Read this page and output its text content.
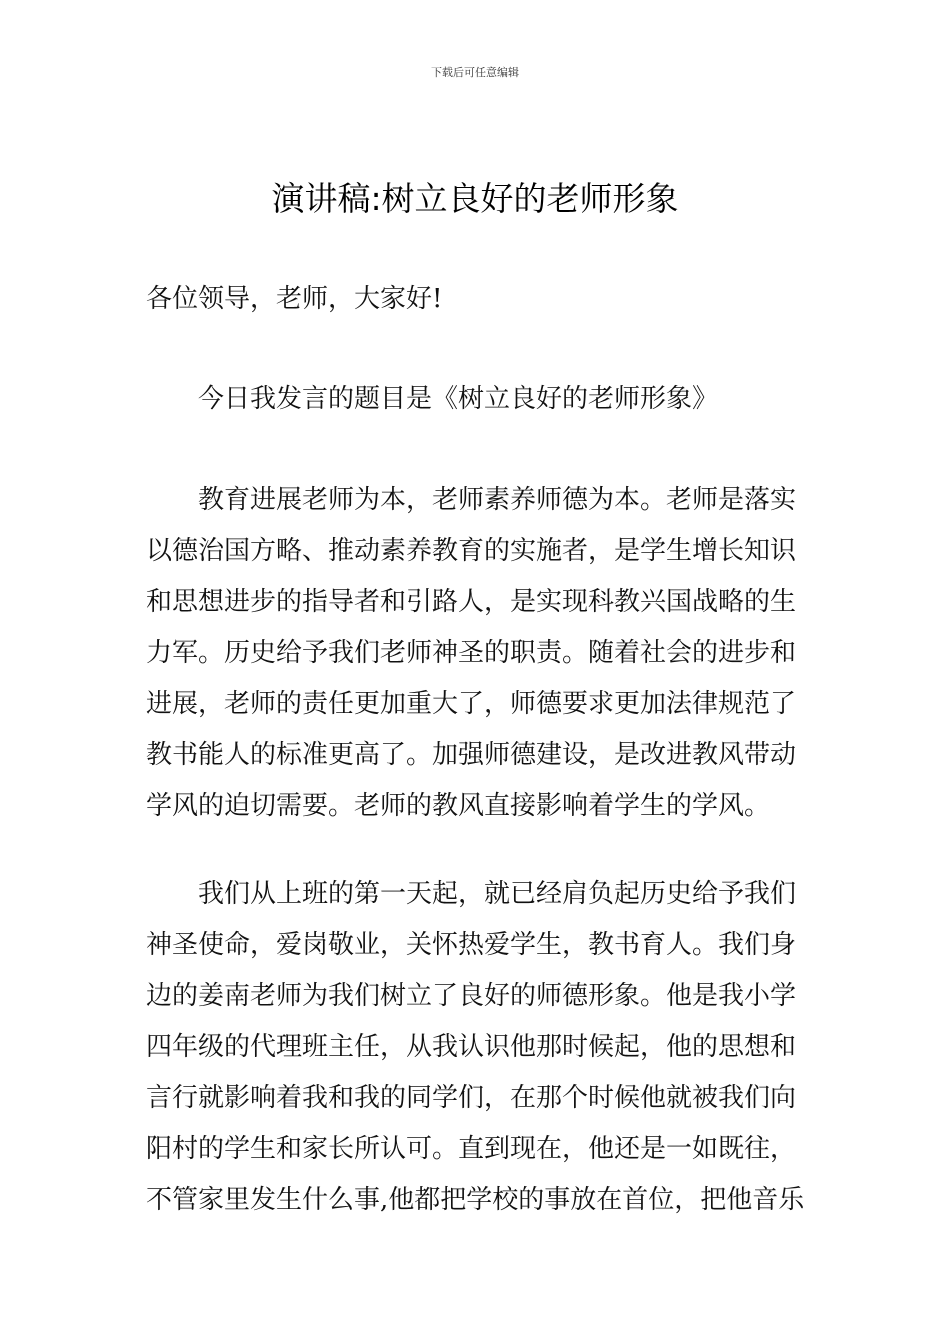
下载后可任意编辑
演讲稿:树立良好的老师形象

各位领导，老师，大家好!

今日我发言的题目是《树立良好的老师形象》

教育进展老师为本，老师素养师德为本。老师是落实
以德治国方略、推动素养教育的实施者，是学生增长知识
和思想进步的指导者和引路人，是实现科教兴国战略的生
力军。历史给予我们老师神圣的职责。随着社会的进步和
进展，老师的责任更加重大了，师德要求更加法律规范了
教书能人的标准更高了。加强师德建设，是改进教风带动
学风的迫切需要。老师的教风直接影响着学生的学风。

我们从上班的第一天起，就已经肩负起历史给予我们
神圣使命，爱岗敬业，关怀热爱学生，教书育人。我们身
边的姜南老师为我们树立了良好的师德形象。他是我小学
四年级的代理班主任，从我认识他那时候起，他的思想和
言行就影响着我和我的同学们，在那个时候他就被我们向
阳村的学生和家长所认可。直到现在，他还是一如既往，
不管家里发生什么事,他都把学校的事放在首位，把他音乐
